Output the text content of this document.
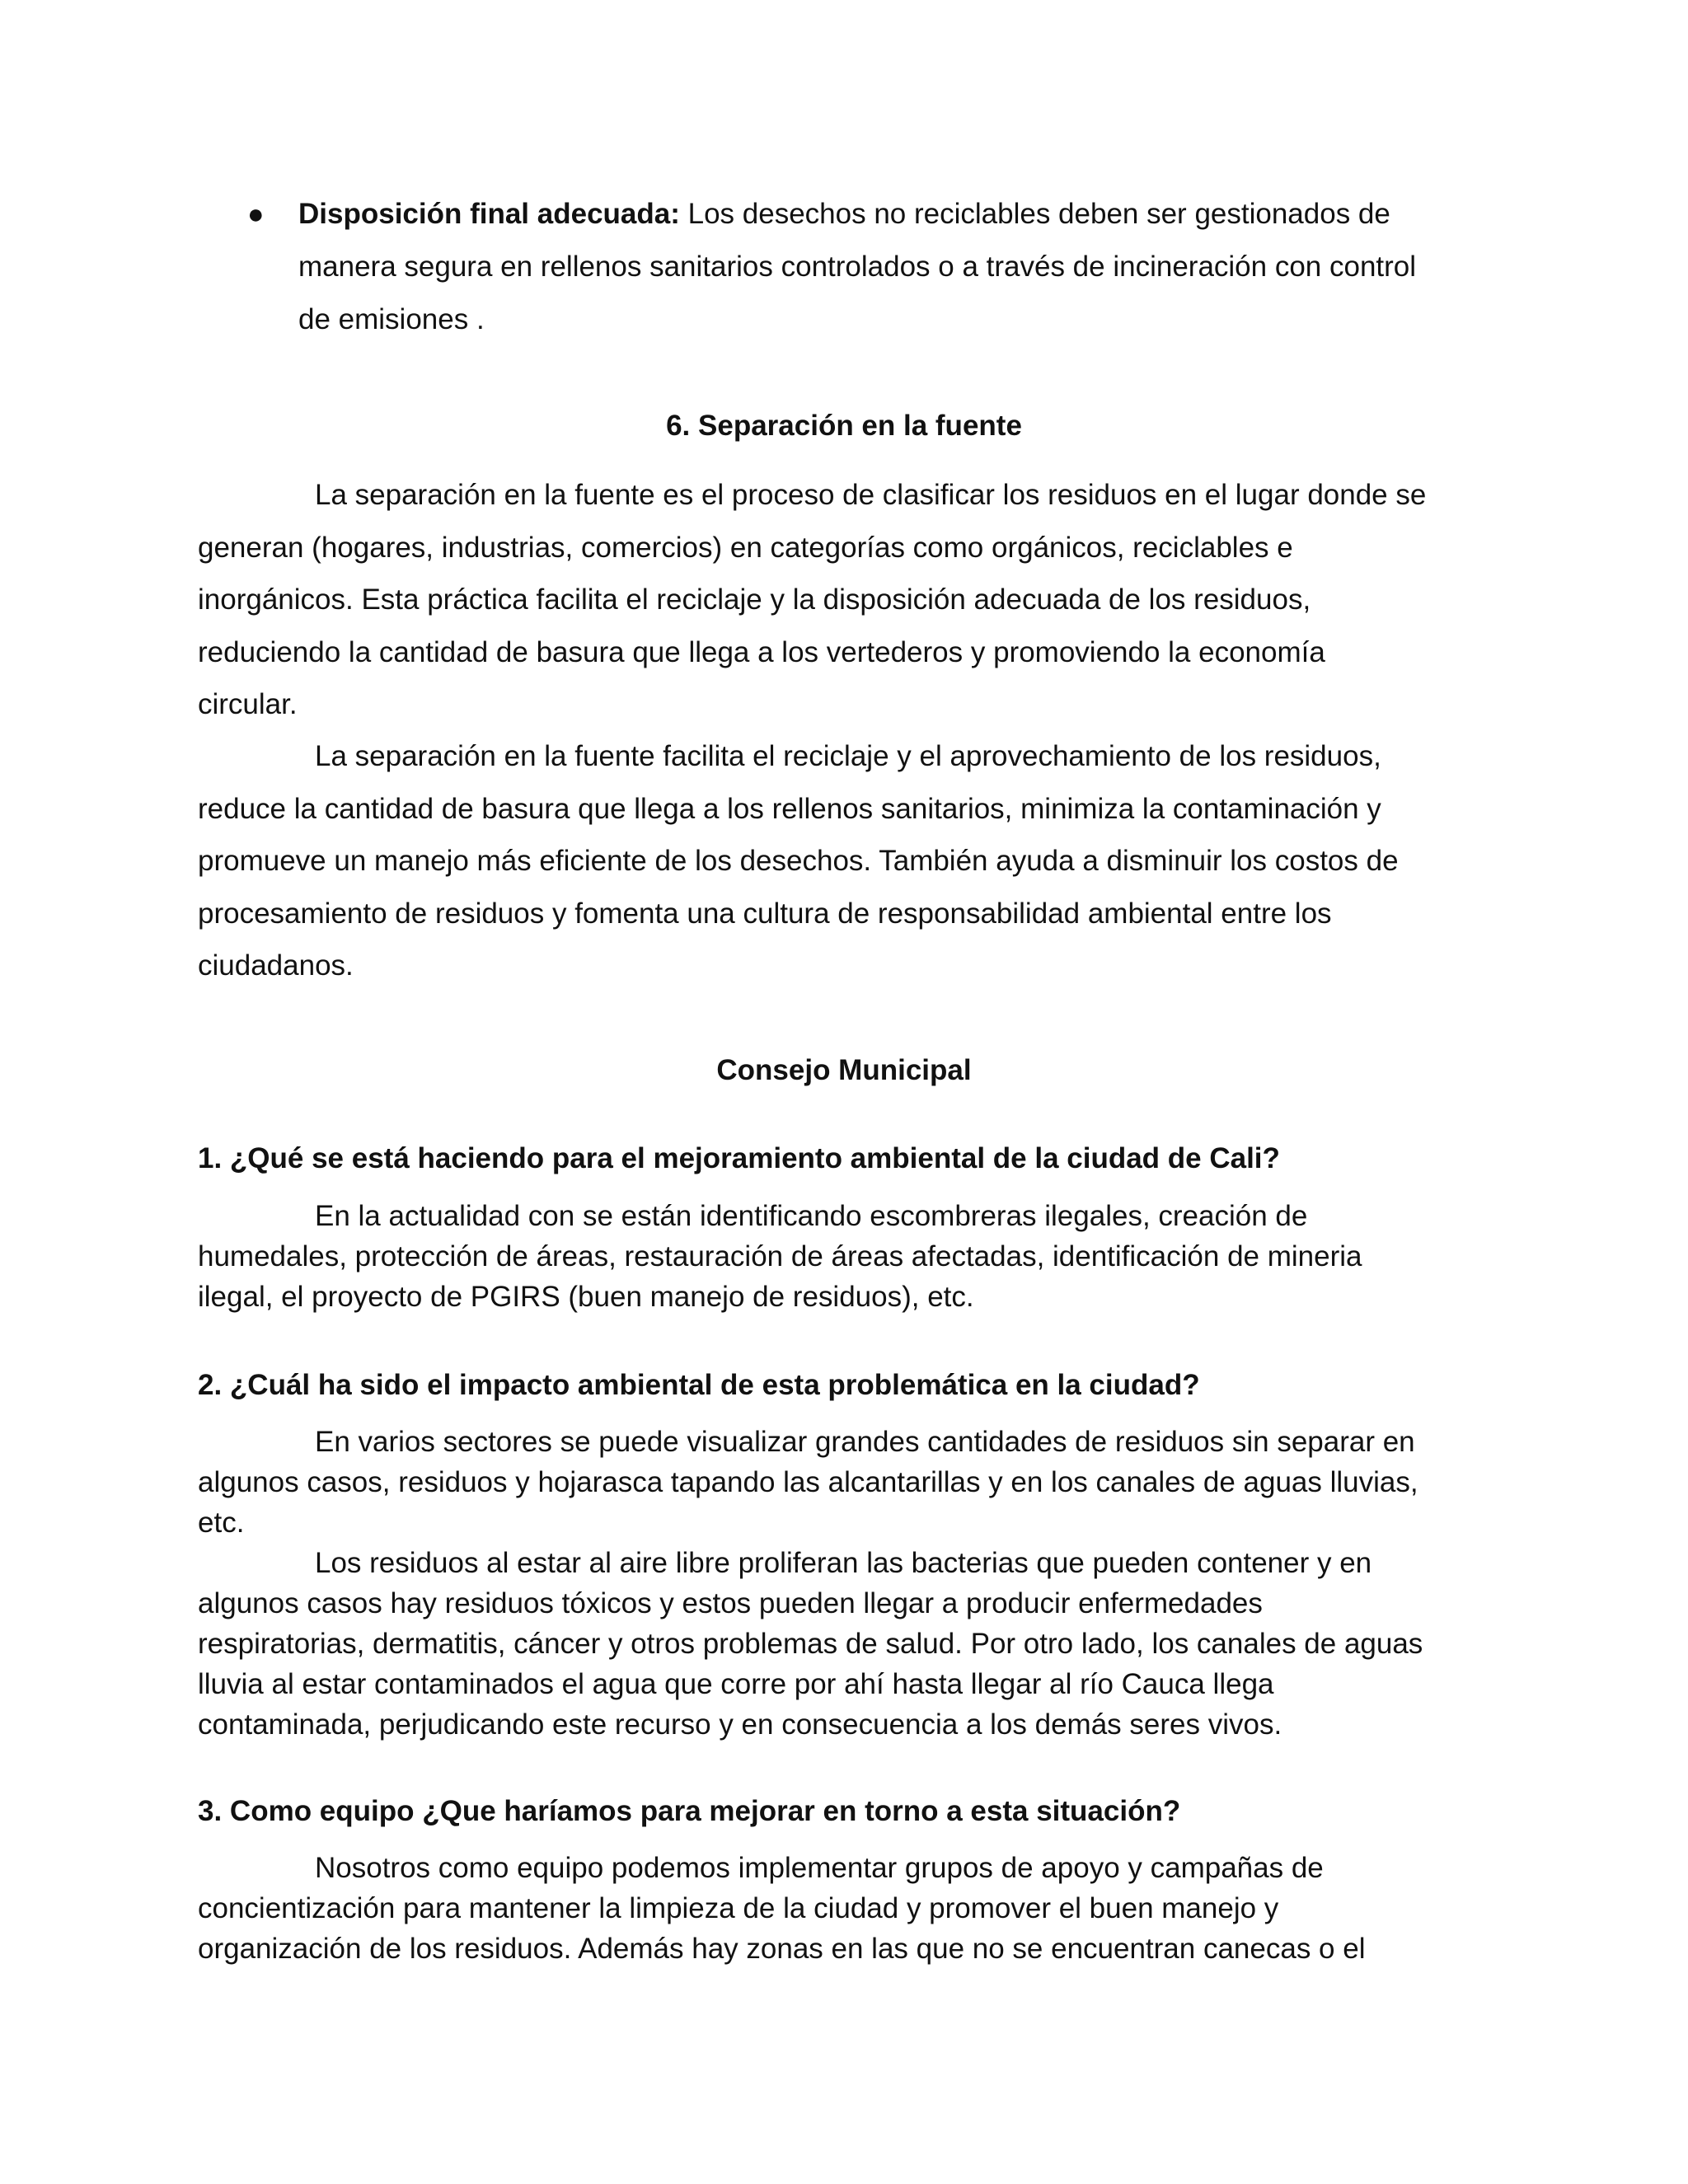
● Disposición final adecuada: Los desechos no reciclables deben ser gestionados de
manera segura en rellenos sanitarios controlados o a través de incineración con control
de emisiones .
6. Separación en la fuente

La separación en la fuente es el proceso de clasificar los residuos en el lugar donde se
generan (hogares, industrias, comercios) en categorías como orgánicos, reciclables e
inorgánicos. Esta práctica facilita el reciclaje y la disposición adecuada de los residuos,
reduciendo la cantidad de basura que llega a los vertederos y promoviendo la economía
circular.

La separación en la fuente facilita el reciclaje y el aprovechamiento de los residuos,
reduce la cantidad de basura que llega a los rellenos sanitarios, minimiza la contaminación y
promueve un manejo más eficiente de los desechos. También ayuda a disminuir los costos de
procesamiento de residuos y fomenta una cultura de responsabilidad ambiental entre los
ciudadanos.

Consejo Municipal
1. ¿Qué se está haciendo para el mejoramiento ambiental de la ciudad de Cali?

En la actualidad con se están identificando escombreras ilegales, creación de
humedales, protección de áreas, restauración de áreas afectadas, identificación de mineria
ilegal, el proyecto de PGIRS (buen manejo de residuos), etc.

2. ¿Cuál ha sido el impacto ambiental de esta problemática en la ciudad?

En varios sectores se puede visualizar grandes cantidades de residuos sin separar en
algunos casos, residuos y hojarasca tapando las alcantarillas y en los canales de aguas lluvias,
etc.

Los residuos al estar al aire libre proliferan las bacterias que pueden contener y en
algunos casos hay residuos tóxicos y estos pueden llegar a producir enfermedades
respiratorias, dermatitis, cáncer y otros problemas de salud. Por otro lado, los canales de aguas
lluvia al estar contaminados el agua que corre por ahí hasta llegar al río Cauca llega
contaminada, perjudicando este recurso y en consecuencia a los demás seres vivos.

3. Como equipo ¿Que haríamos para mejorar en torno a esta situación?

Nosotros como equipo podemos implementar grupos de apoyo y campañas de
concientización para mantener la limpieza de la ciudad y promover el buen manejo y
organización de los residuos. Además hay zonas en las que no se encuentran canecas o el
